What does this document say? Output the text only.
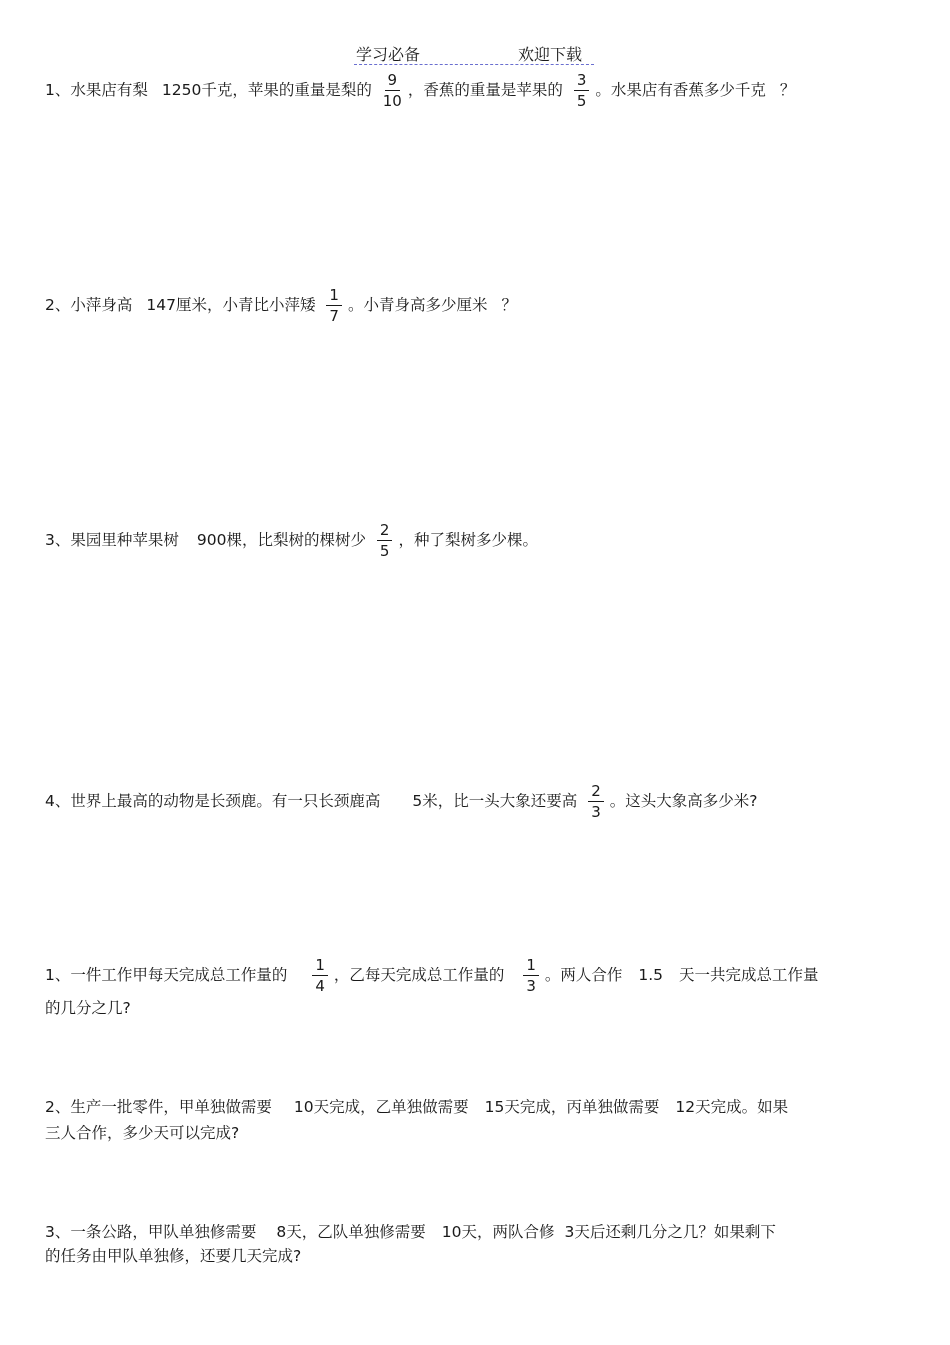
学习必备	欢迎下载
1、水果店有梨 1250千克，苹果的重量是梨的 $\frac{9}{10}$ ，香蕉的重量是苹果的 $\frac{3}{5}$ 。水果店有香蕉多少千克 ？
2、小萍身高 147厘米，小青比小萍矮 $\frac{1}{7}$ 。小青身高多少厘米 ？
3、果园里种苹果树 900棵，比梨树的棵树少 $\frac{2}{5}$ ，种了梨树多少棵。
4、世界上最高的动物是长颈鹿。有一只长颈鹿高 5米，比一头大象还要高 $\frac{2}{3}$ 。这头大象高多少米?
1、一件工作甲每天完成总工作量的 $\frac{1}{4}$ ，乙每天完成总工作量的 $\frac{1}{3}$ 。两人合作 1.5 天一共完成总工作量
的几分之几?
2、生产一批零件，甲单独做需要 10天完成，乙单独做需要 15天完成，丙单独做需要 12天完成。如果
三人合作，多少天可以完成?
3、一条公路，甲队单独修需要 8天，乙队单独修需要 10天，两队合修 3天后还剩几分之几？如果剩下
的任务由甲队单独修，还要几天完成?
